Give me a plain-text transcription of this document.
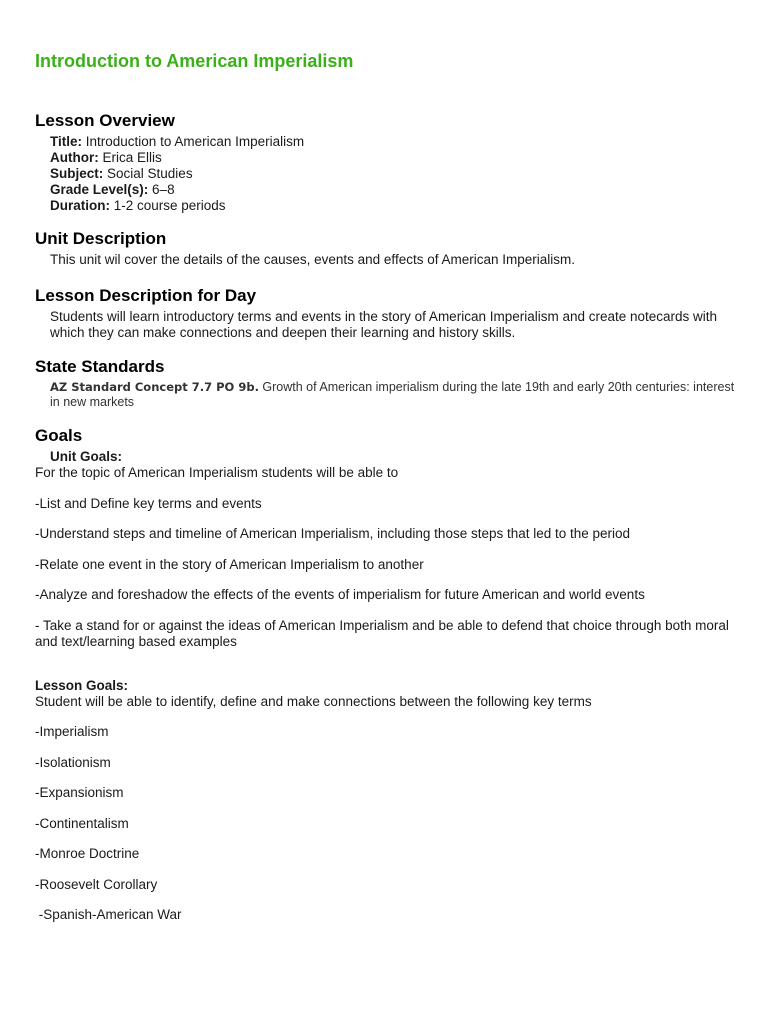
Introduction to American Imperialism
Lesson Overview
Title: Introduction to American Imperialism
Author: Erica Ellis
Subject: Social Studies
Grade Level(s): 6–8
Duration: 1-2 course periods
Unit Description

This unit wil cover the details of the causes, events and effects of American Imperialism.

Lesson Description for Day

Students will learn introductory terms and events in the story of American Imperialism and create notecards with which they can make connections and deepen their learning and history skills.

State Standards
AZ Standard Concept 7.7 PO 9b. Growth of American imperialism during the late 19th and early 20th centuries: interest in new markets
Goals

Unit Goals:

For the topic of American Imperialism students will be able to

-List and Define key terms and events

-Understand steps and timeline of American Imperialism, including those steps that led to the period

-Relate one event in the story of American Imperialism to another

-Analyze and foreshadow the effects of the events of imperialism for future American and world events

- Take a stand for or against the ideas of American Imperialism and be able to defend that choice through both moral and text/learning based examples

Lesson Goals:

Student will be able to identify, define and make connections between the following key terms

-Imperialism

-Isolationism

-Expansionism

-Continentalism

-Monroe Doctrine

-Roosevelt Corollary

-Spanish-American War
